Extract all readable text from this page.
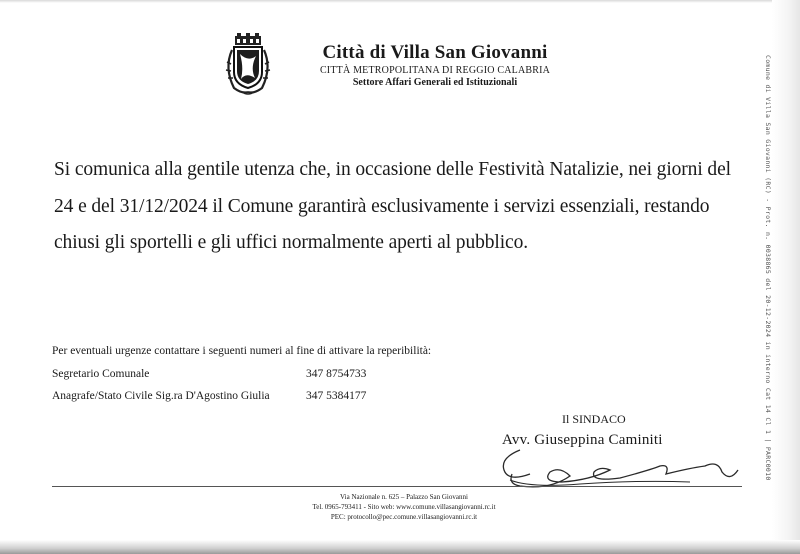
Città di Villa San Giovanni
CITTÀ METROPOLITANA DI REGGIO CALABRIA
Settore Affari Generali ed Istituzionali

Si comunica alla gentile utenza che, in occasione delle Festività Natalizie, nei giorni del 24 e del 31/12/2024 il Comune garantirà esclusivamente i servizi essenziali, restando chiusi gli sportelli e gli uffici normalmente aperti al pubblico.

Per eventuali urgenze contattare i seguenti numeri al fine di attivare la reperibilità:

Segretario Comunale	347 8754733
Anagrafe/Stato Civile Sig.ra D'Agostino Giulia	347 5384177
Il SINDACO
Avv. Giuseppina Caminiti
Via Nazionale n. 625 – Palazzo San Giovanni
Tel. 0965-793411 - Sito web: www.comune.villasangiovanni.rc.it
PEC: protocollo@pec.comune.villasangiovanni.rc.it
Comune di Villa San Giovanni (RC) - Prot. n. 0038865 del 20-12-2024 in interno Cat 14 Cl 1 | PARC0010
